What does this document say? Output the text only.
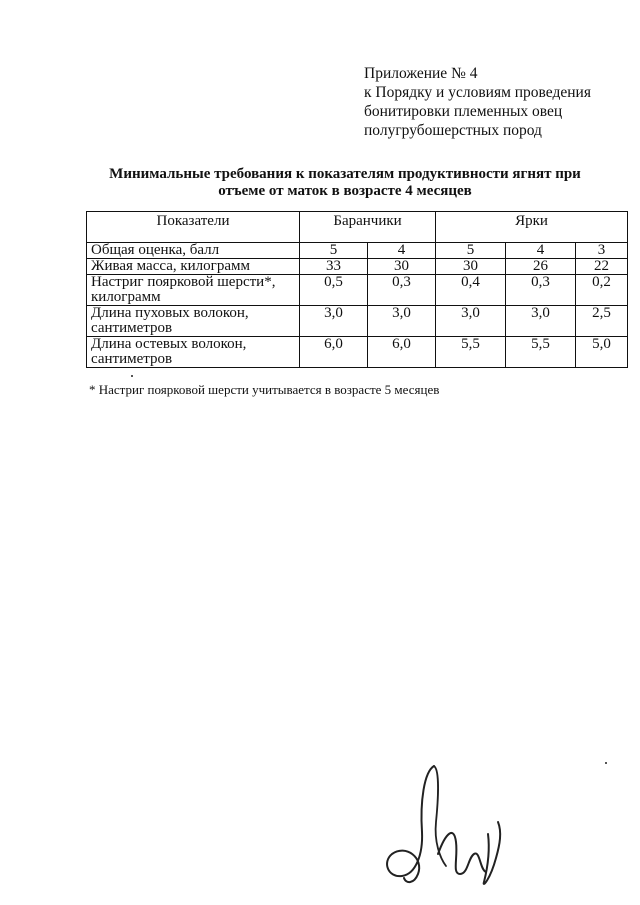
Приложение № 4
к Порядку и условиям проведения
бонитировки племенных овец
полугрубошерстных пород
Минимальные требования к показателям продуктивности ягнят при
отъеме от маток в возрасте 4 месяцев
Показатели	Баранчики		Ярки		
Общая оценка, балл	5	4	5	4	3
Живая масса, килограмм	33	30	30	26	22
Настриг поярковой шерсти*, килограмм	0,5	0,3	0,4	0,3	0,2
Длина пуховых волокон, сантиметров	3,0	3,0	3,0	3,0	2,5
Длина остевых волокон, сантиметров	6,0	6,0	5,5	5,5	5,0
* Настриг поярковой шерсти учитывается в возрасте 5 месяцев
